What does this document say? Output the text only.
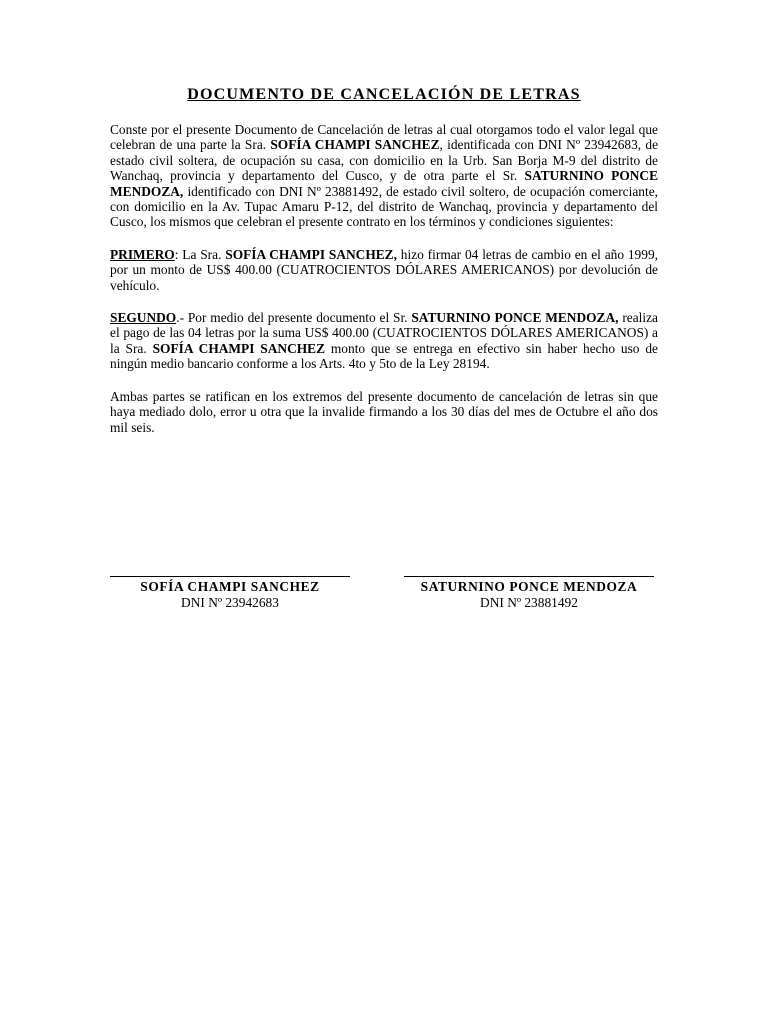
DOCUMENTO DE CANCELACIÓN DE LETRAS

Conste por el presente Documento de Cancelación de letras al cual otorgamos todo el valor legal que celebran de una parte la Sra. SOFÍA CHAMPI SANCHEZ, identificada con DNI Nº 23942683, de estado civil soltera, de ocupación su casa, con domicilio en la Urb. San Borja M-9 del distrito de Wanchaq, provincia y departamento del Cusco, y de otra parte el Sr. SATURNINO PONCE MENDOZA, identificado con DNI Nº 23881492, de estado civil soltero, de ocupación comerciante, con domicilio en la Av. Tupac Amaru P-12, del distrito de Wanchaq, provincia y departamento del Cusco, los mismos que celebran el presente contrato en los términos y condiciones siguientes:

PRIMERO: La Sra. SOFÍA CHAMPI SANCHEZ, hizo firmar 04 letras de cambio en el año 1999, por un monto de US$ 400.00 (CUATROCIENTOS DÓLARES AMERICANOS) por devolución de vehículo.

SEGUNDO.- Por medio del presente documento el Sr. SATURNINO PONCE MENDOZA, realiza el pago de las 04 letras por la suma US$ 400.00 (CUATROCIENTOS DÓLARES AMERICANOS) a la Sra. SOFÍA CHAMPI SANCHEZ monto que se entrega en efectivo sin haber hecho uso de ningún medio bancario conforme a los Arts. 4to y 5to de la Ley 28194.

Ambas partes se ratifican en los extremos del presente documento de cancelación de letras sin que haya mediado dolo, error u otra que la invalide firmando a los 30 días del mes de Octubre el año dos mil seis.

SOFÍA CHAMPI SANCHEZ
DNI Nº 23942683
SATURNINO PONCE MENDOZA
DNI Nº 23881492
